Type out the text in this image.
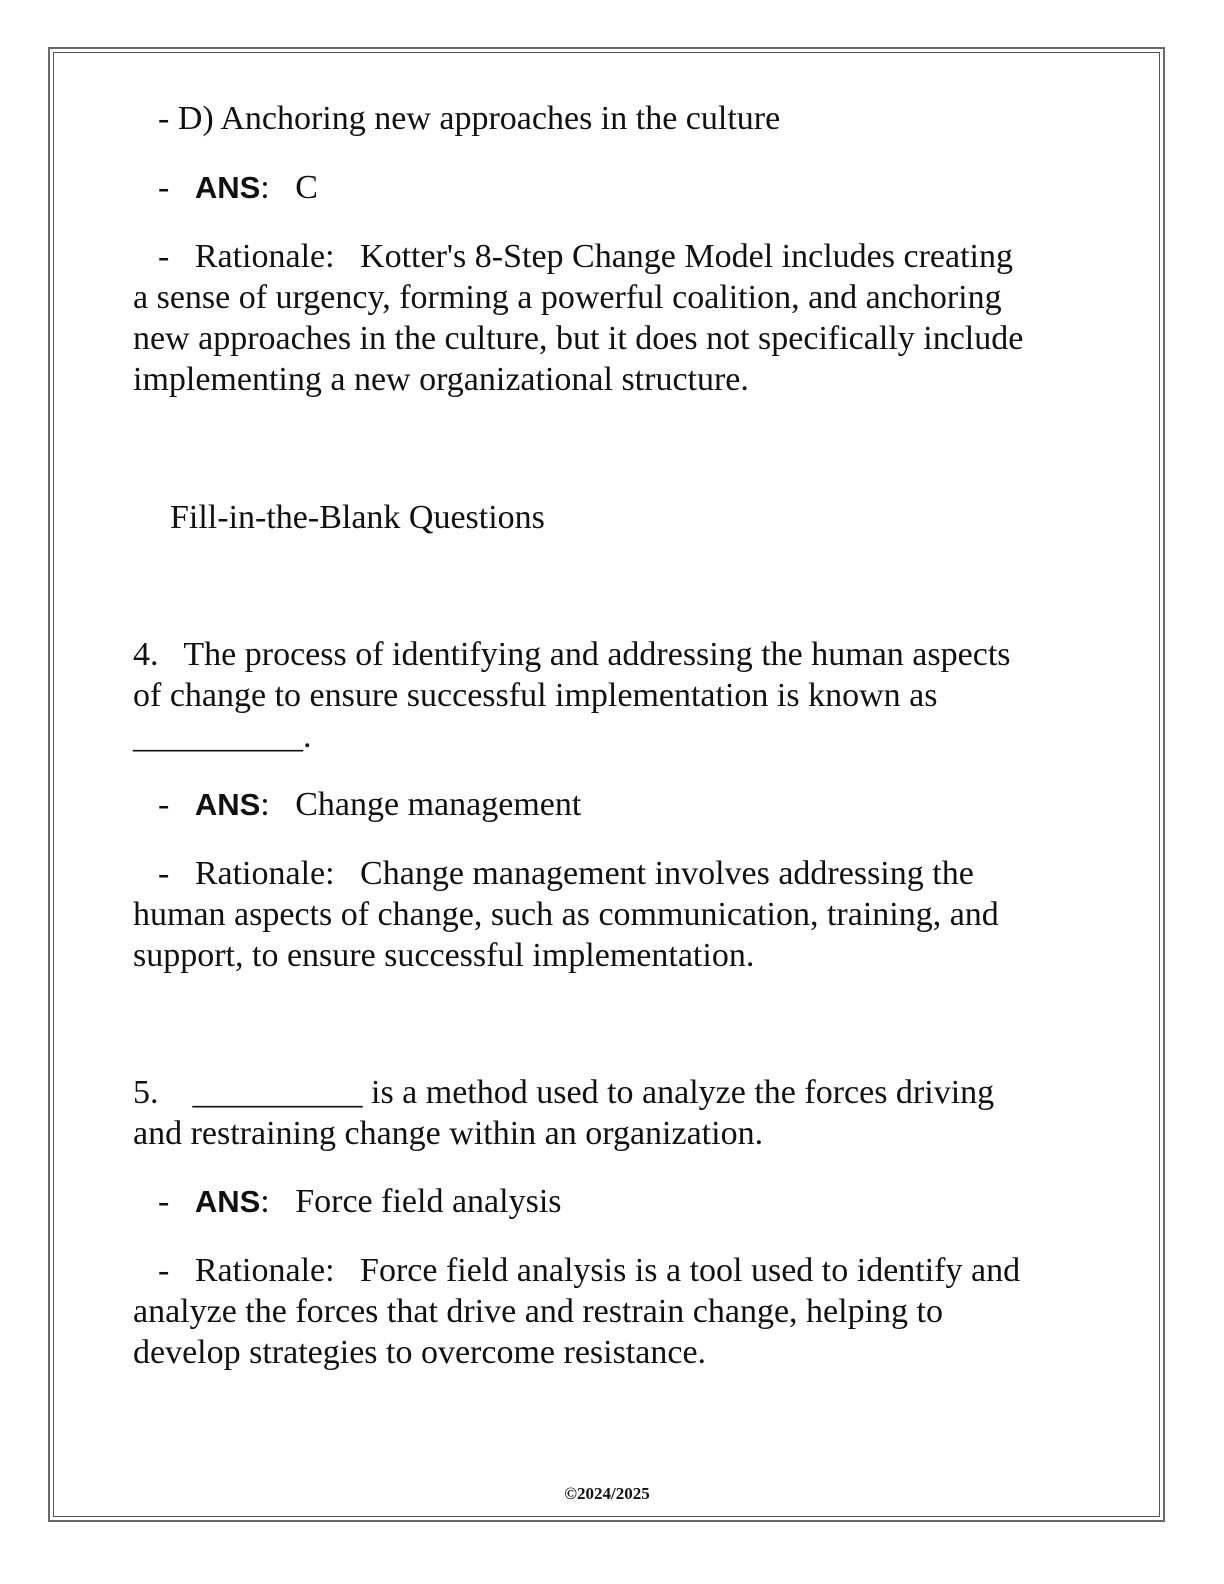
- D) Anchoring new approaches in the culture
- ANS:   C
-   Rationale:   Kotter's 8-Step Change Model includes creating
a sense of urgency, forming a powerful coalition, and anchoring
new approaches in the culture, but it does not specifically include
implementing a new organizational structure.
Fill-in-the-Blank Questions
4.   The process of identifying and addressing the human aspects
of change to ensure successful implementation is known as
__________.
- ANS:   Change management
-   Rationale:   Change management involves addressing the
human aspects of change, such as communication, training, and
support, to ensure successful implementation.
5.    __________ is a method used to analyze the forces driving
and restraining change within an organization.
- ANS:   Force field analysis
-   Rationale:   Force field analysis is a tool used to identify and
analyze the forces that drive and restrain change, helping to
develop strategies to overcome resistance.
©2024/2025
